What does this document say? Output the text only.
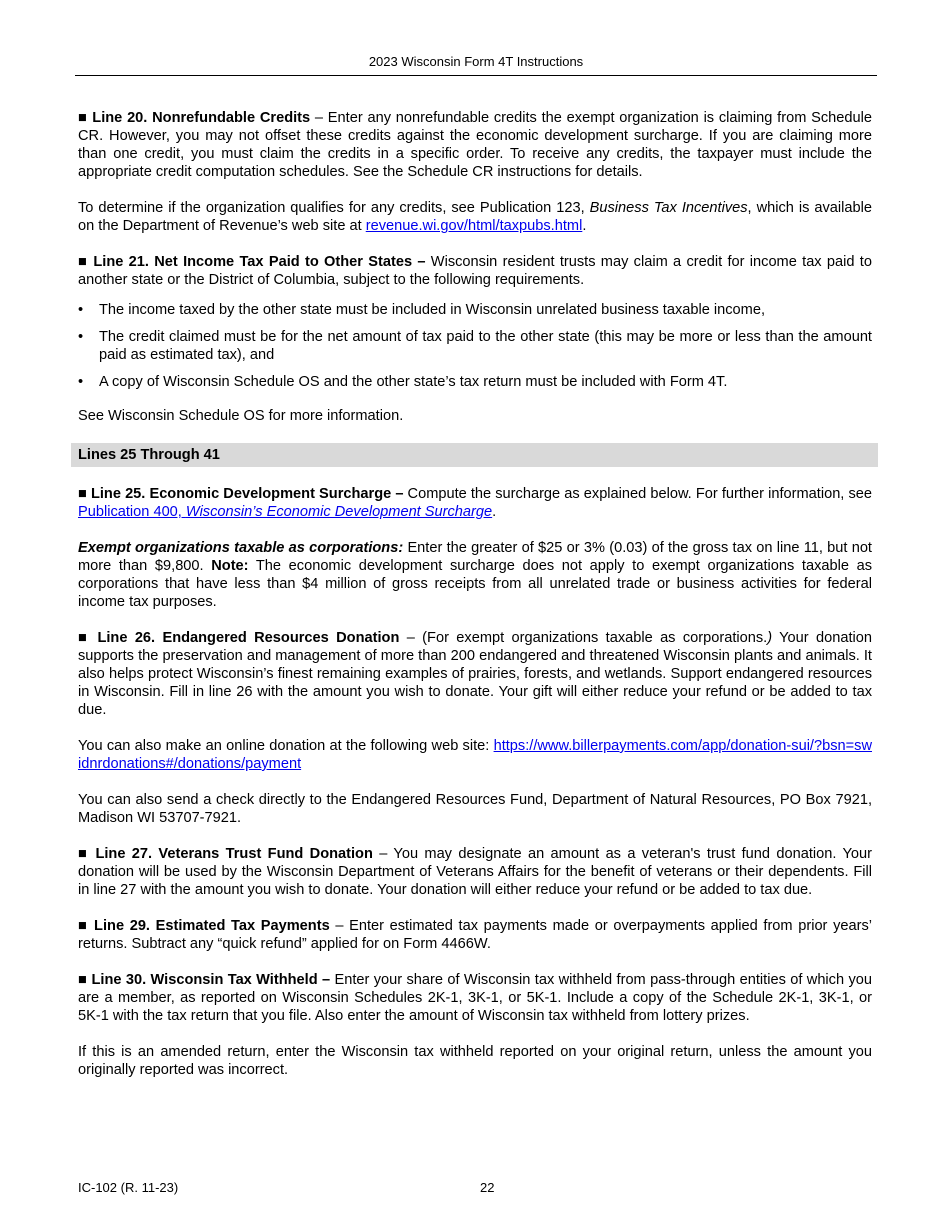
2023 Wisconsin Form 4T Instructions

■ Line 20. Nonrefundable Credits – Enter any nonrefundable credits the exempt organization is claiming from Schedule CR. However, you may not offset these credits against the economic development surcharge. If you are claiming more than one credit, you must claim the credits in a specific order. To receive any credits, the taxpayer must include the appropriate credit computation schedules. See the Schedule CR instructions for details.

To determine if the organization qualifies for any credits, see Publication 123, Business Tax Incentives, which is available on the Department of Revenue’s web site at revenue.wi.gov/html/taxpubs.html.

■ Line 21. Net Income Tax Paid to Other States – Wisconsin resident trusts may claim a credit for income tax paid to another state or the District of Columbia, subject to the following requirements.

• The income taxed by the other state must be included in Wisconsin unrelated business taxable income,
• The credit claimed must be for the net amount of tax paid to the other state (this may be more or less than the amount paid as estimated tax), and
• A copy of Wisconsin Schedule OS and the other state’s tax return must be included with Form 4T.

See Wisconsin Schedule OS for more information.

Lines 25 Through 41

■ Line 25. Economic Development Surcharge – Compute the surcharge as explained below. For further information, see Publication 400, Wisconsin’s Economic Development Surcharge.

Exempt organizations taxable as corporations: Enter the greater of $25 or 3% (0.03) of the gross tax on line 11, but not more than $9,800. Note: The economic development surcharge does not apply to exempt organizations taxable as corporations that have less than $4 million of gross receipts from all unrelated trade or business activities for federal income tax purposes.

■ Line 26. Endangered Resources Donation – (For exempt organizations taxable as corporations.) Your donation supports the preservation and management of more than 200 endangered and threatened Wisconsin plants and animals. It also helps protect Wisconsin’s finest remaining examples of prairies, forests, and wetlands. Support endangered resources in Wisconsin. Fill in line 26 with the amount you wish to donate. Your gift will either reduce your refund or be added to tax due.

You can also make an online donation at the following web site: https://www.billerpayments.com/app/donation-sui/?bsn=swidnrdonations#/donations/payment

You can also send a check directly to the Endangered Resources Fund, Department of Natural Resources, PO Box 7921, Madison WI 53707-7921.

■ Line 27. Veterans Trust Fund Donation – You may designate an amount as a veteran's trust fund donation. Your donation will be used by the Wisconsin Department of Veterans Affairs for the benefit of veterans or their dependents. Fill in line 27 with the amount you wish to donate. Your donation will either reduce your refund or be added to tax due.

■ Line 29. Estimated Tax Payments – Enter estimated tax payments made or overpayments applied from prior years’ returns. Subtract any “quick refund” applied for on Form 4466W.

■ Line 30. Wisconsin Tax Withheld – Enter your share of Wisconsin tax withheld from pass-through entities of which you are a member, as reported on Wisconsin Schedules 2K-1, 3K-1, or 5K-1. Include a copy of the Schedule 2K-1, 3K-1, or 5K-1 with the tax return that you file. Also enter the amount of Wisconsin tax withheld from lottery prizes.

If this is an amended return, enter the Wisconsin tax withheld reported on your original return, unless the amount you originally reported was incorrect.

IC-102 (R. 11-23)	22
